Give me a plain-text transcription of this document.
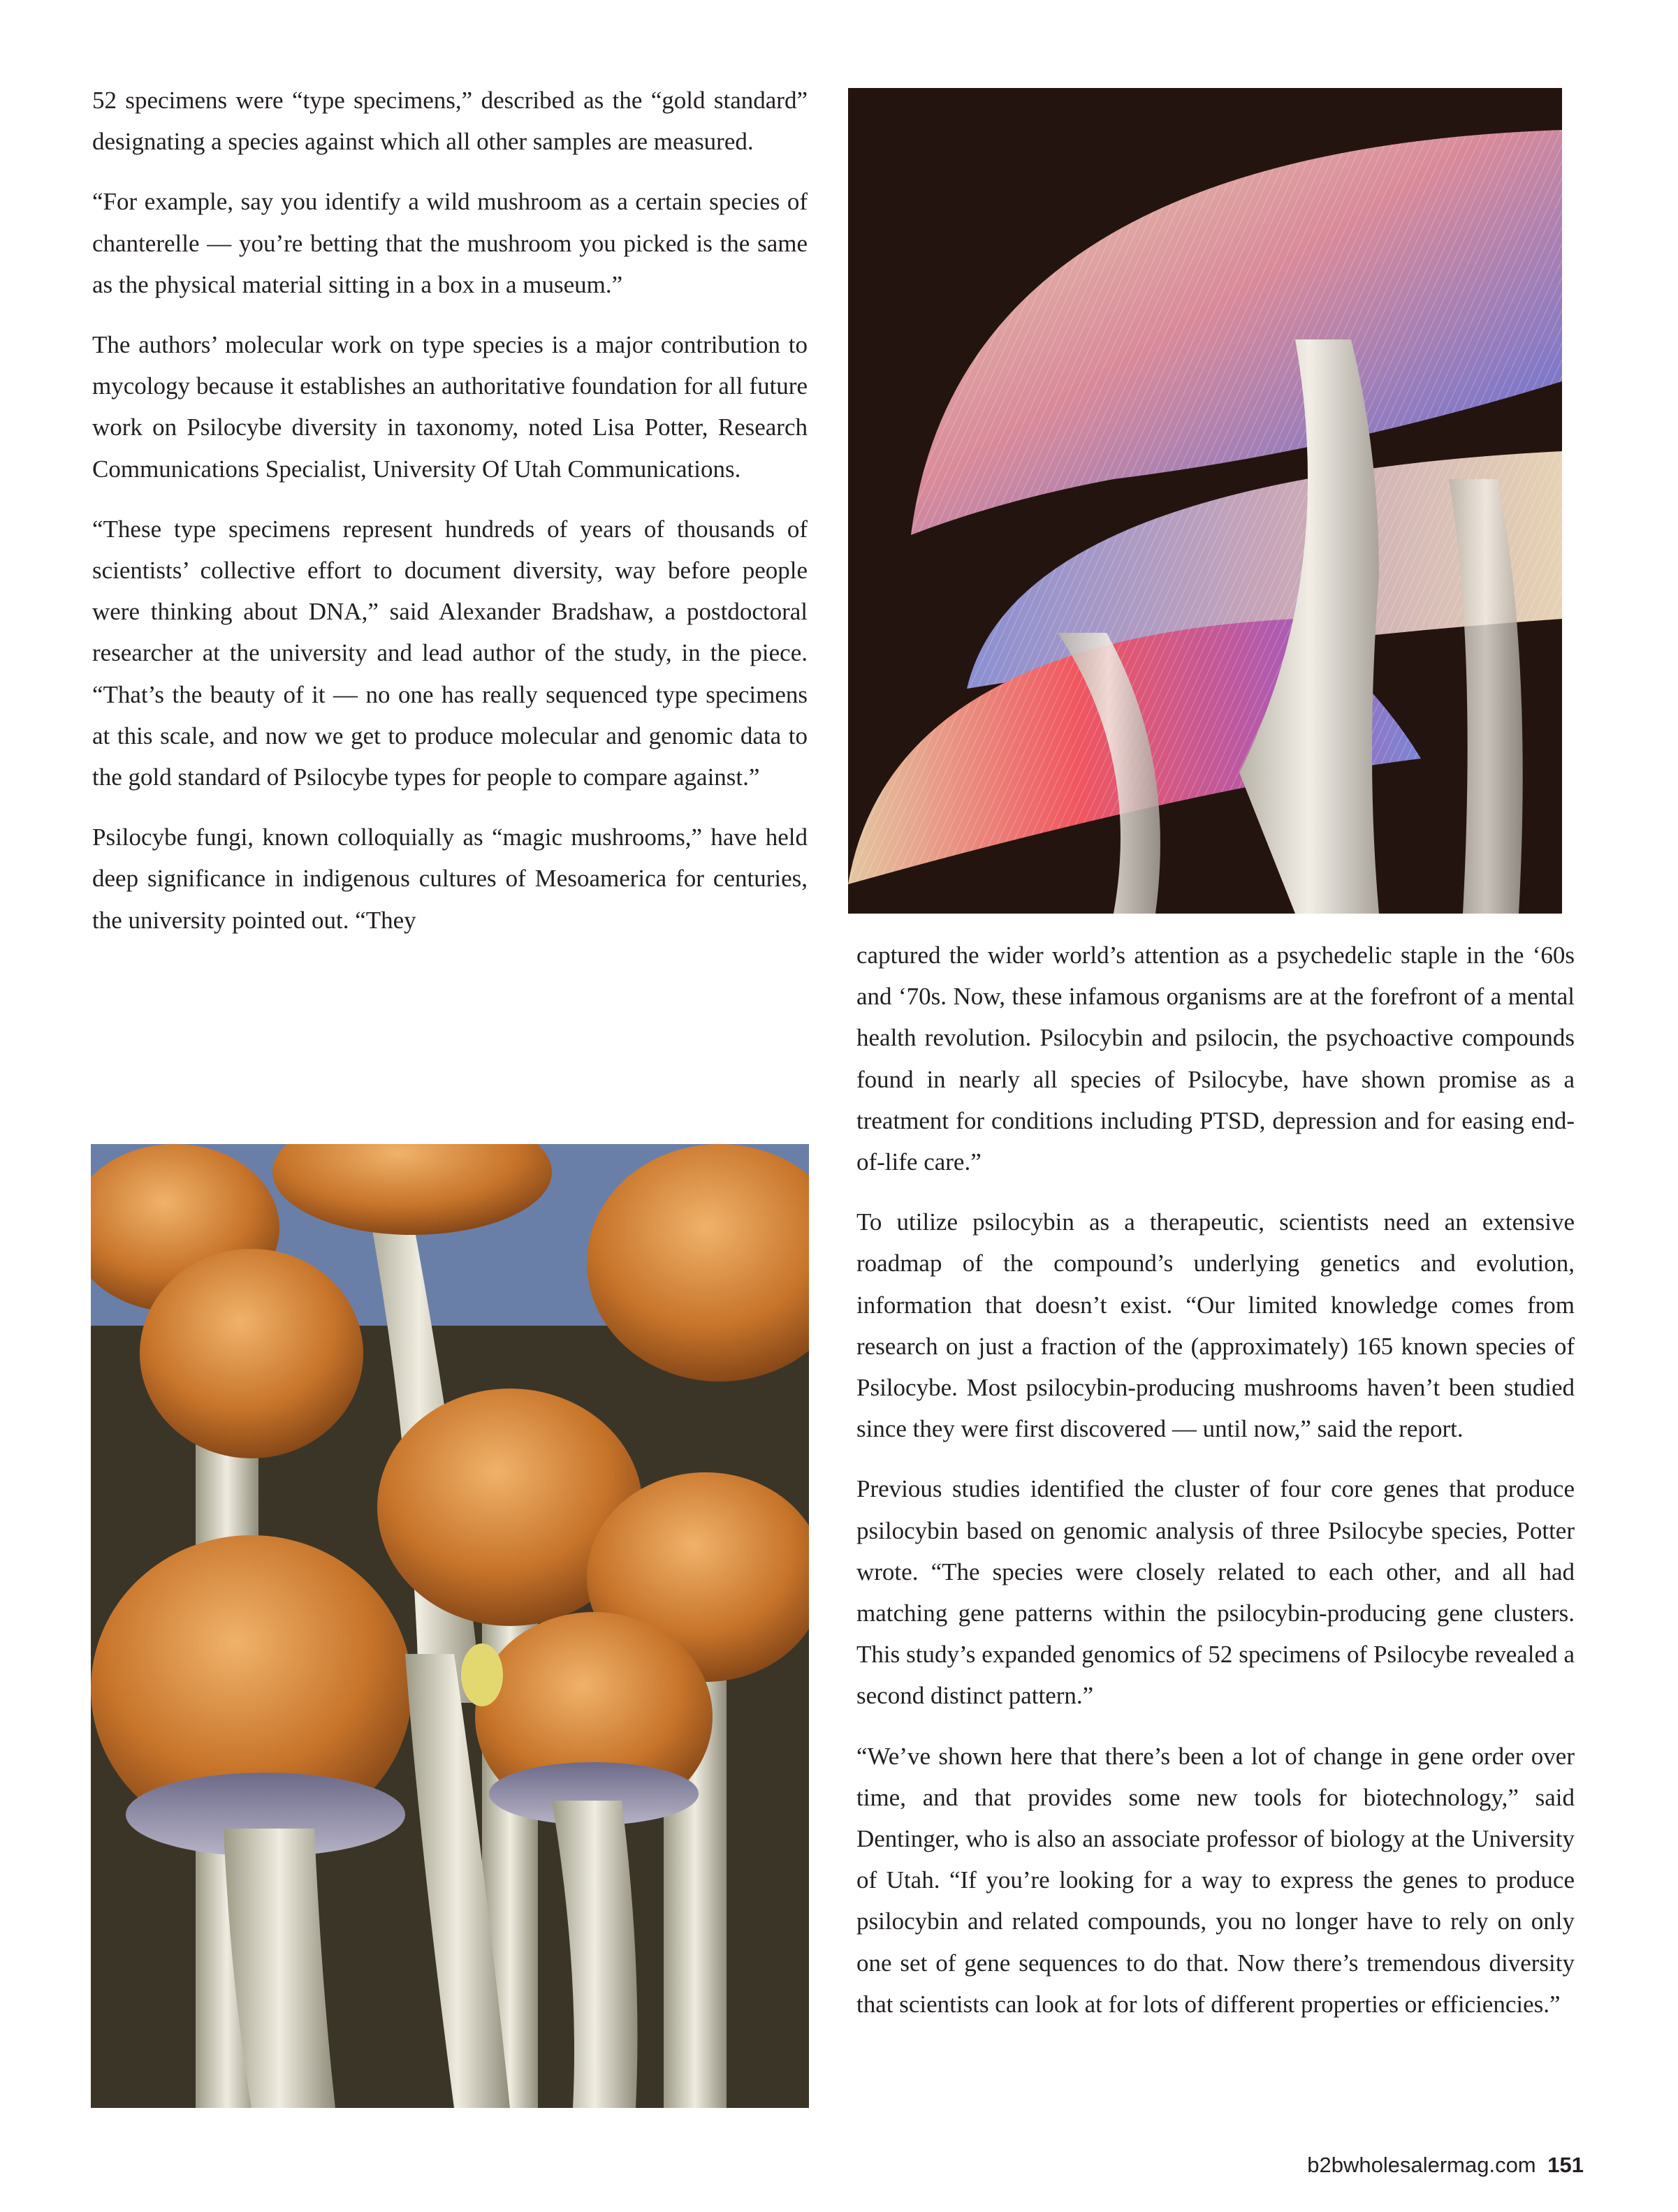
52 specimens were “type specimens,” described as the “gold standard” designating a species against which all other samples are measured.

“For example, say you identify a wild mushroom as a certain species of chanterelle — you’re betting that the mushroom you picked is the same as the physical material sitting in a box in a museum.”

The authors’ molecular work on type species is a major contribution to mycology because it establishes an authoritative foundation for all future work on Psilocybe diversity in taxonomy, noted Lisa Potter, Research Communications Specialist, University Of Utah Communications.

“These type specimens represent hundreds of years of thousands of scientists’ collective effort to document diversity, way before people were thinking about DNA,” said Alexander Bradshaw, a postdoctoral researcher at the university and lead author of the study, in the piece. “That’s the beauty of it — no one has really sequenced type specimens at this scale, and now we get to produce molecular and genomic data to the gold standard of Psilocybe types for people to compare against.”

Psilocybe fungi, known colloquially as “magic mushrooms,” have held deep significance in indigenous cultures of Mesoamerica for centuries, the university pointed out. “They

captured the wider world’s attention as a psychedelic staple in the ‘60s and ‘70s. Now, these infamous organisms are at the forefront of a mental health revolution. Psilocybin and psilocin, the psychoactive compounds found in nearly all species of Psilocybe, have shown promise as a treatment for conditions including PTSD, depression and for easing end-of-life care.”

To utilize psilocybin as a therapeutic, scientists need an extensive roadmap of the compound’s underlying genetics and evolution, information that doesn’t exist. “Our limited knowledge comes from research on just a fraction of the (approximately) 165 known species of Psilocybe. Most psilocybin-producing mushrooms haven’t been studied since they were first discovered — until now,” said the report.

Previous studies identified the cluster of four core genes that produce psilocybin based on genomic analysis of three Psilocybe species, Potter wrote. “The species were closely related to each other, and all had matching gene patterns within the psilocybin-producing gene clusters. This study’s expanded genomics of 52 specimens of Psilocybe revealed a second distinct pattern.”

“We’ve shown here that there’s been a lot of change in gene order over time, and that provides some new tools for biotechnology,” said Dentinger, who is also an associate professor of biology at the University of Utah. “If you’re looking for a way to express the genes to produce psilocybin and related compounds, you no longer have to rely on only one set of gene sequences to do that. Now there’s tremendous diversity that scientists can look at for lots of different properties or efficiencies.”

b2bwholesalermag.com 151
